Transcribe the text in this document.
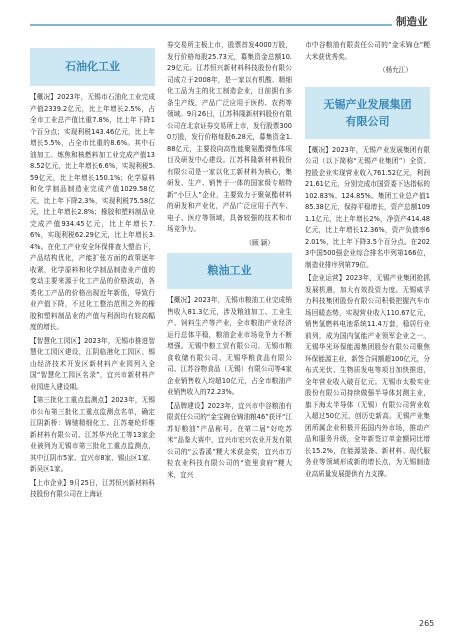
制造业
石油化工业

【概况】2023年，无锡市石油化工业完成产值2339.2亿元，比上年增长2.5%，占全市工业总产值比重7.8%，比上年下降1个百分点；实现利税143.46亿元，比上年增长5.5%，占全市比重的8.6%。其中石油加工、炼焦和核燃料加工业完成产值138.52亿元，比上年增长6.6%，实现利税5.59亿元，比上年增长150.1%；化学原料和化学制品制造业完成产值1029.58亿元，比上年下降2.3%，实现利税75.58亿元，比上年增长2.8%；橡胶和塑料制品业完成产值934.45亿元，比上年增长7.6%，实现利税62.29亿元，比上年增长3.4%。在化工产业安全环保排查大整治下，产品结构优化，产能扩张方面的政策逐年收紧，化学原料和化学制品制造业产值的变动主要来源于化工产品的价格波动，各类化工产品的价格出现近年新低，导致行业产值下降，不过化工整治范围之外的橡胶和塑料制品业的产值与利润均有较高幅度的增长。

【智慧化工园区】2023年，无锡市推进智慧化工园区建设，江阴临港化工园区、锡山经济技术开发区新材料产业园列入全国“智慧化工园区名录”，宜兴市新材料产业园进入建设期。

【第三批化工重点监测点】2023年，无锡市公布第三批化工重点监测点名单，确定江阴新桥：锦驰精细化工、江苏豪纶纤维新材料有限公司、江苏华兴化工等13家企业被列为无锡市第三批化工重点监测点，其中江阴市5家、宜兴市8家、锡山区1家、新吴区1家。

【上市企业】9月25日，江苏恒兴新材料科技股份有限公司在上海证

券交易所主板上市，股票首发4000万股，发行价格每股25.73元，募集资金总额10.29亿元。江苏恒兴新材料科技股份有限公司成立于2008年，是一家以有机酸、精细化工品为主的化工制造企业，目前拥有多条生产线，产品广泛应用于医药、农药等领域。9月26日，江苏科隆新材料股份有限公司在北京证券交易所上市，发行股票3000万股，发行价格每股6.28元，募集资金1.88亿元，主要投向高性能聚氨酯弹性体项目及研发中心建设。江苏科隆新材料股份有限公司是一家以化工新材料为核心，集研发、生产、销售于一体的国家级专精特新“小巨人”企业，主要致力于聚氨酯材料的研发和产业化，产品广泛应用于汽车、电子、医疗等领域，具备较强的技术和市场竞争力。

（顾 颖）

粮油工业

【概况】2023年，无锡市粮油工业完成销售收入81.3亿元，涉及粮油加工、工业生产、饲料生产等产业，全市粮油产业经济运行总体平稳，粮油企业市场竞争力不断增强。无锡中粮工贸有限公司、无锡市粮食收储有限公司、无锡华粮食品有限公司、江苏谷物食品（无锡）有限公司等4家企业销售收入均超10亿元，占全市粮油产业销售收入的72.23%。

【品牌建设】2023年，宜兴市中谷粮油有限责任公司的“金宝碗仓锦油粮46”获评“江苏好粮油”产品称号。在第二届“好吃苏米”品鉴大赛中，宜兴市宏兴农业开发有限公司的“云香溪”粳大米获金奖，宜兴市万粒农业科技有限公司的“瓷里食府”粳大米，宜兴

市中谷粮油有限责任公司的“金禾锦仓”粳大米获优秀奖。

（杨允江）

无锡产业发展集团
有限公司

【概况】2023年，无锡产业发展集团有限公司（以下简称“无锡产业集团”）全资、控股企业实现营业收入761.52亿元，利润21.61亿元，分别完成市国资委下达指标的102.83%、124.85%。集团工业总产值185.38亿元，保持平稳增长，资产总额1091.1亿元，比上年增长2%，净资产414.48亿元，比上年增长12.36%，资产负债率62.01%，比上年下降3.5个百分点。在2023中国500强企业综合排名中列第166位，制造业排序列第79位。

【企业运营】2023年，无锡产业集团抢抓发展机遇，加大有效投资力度。无锡威孚力科技集团股份有限公司积极把握汽车市场回暖态势，实现营业收入110.67亿元，销售氢燃料电池系统11.4万套，稳居行业前列，成为国内氢能产业领军企业之一。无锡华光环保能源集团股份有限公司聚焦环保能源主业，新签合同额超100亿元，分布式光伏、生物质发电等项目加快推进，全年营业收入破百亿元。无锡市太极实业股份有限公司持续做强半导体封测主业，旗下海太半导体（无锡）有限公司营业收入超过50亿元，创历史新高。无锡产业集团所属企业积极开拓国内外市场，推动产品和服务升级，全年新签订单金额同比增长15.2%，在能源装备、新材料、现代服务业等领域形成新的增长点，为无锡制造业高质量发展提供有力支撑。

265
